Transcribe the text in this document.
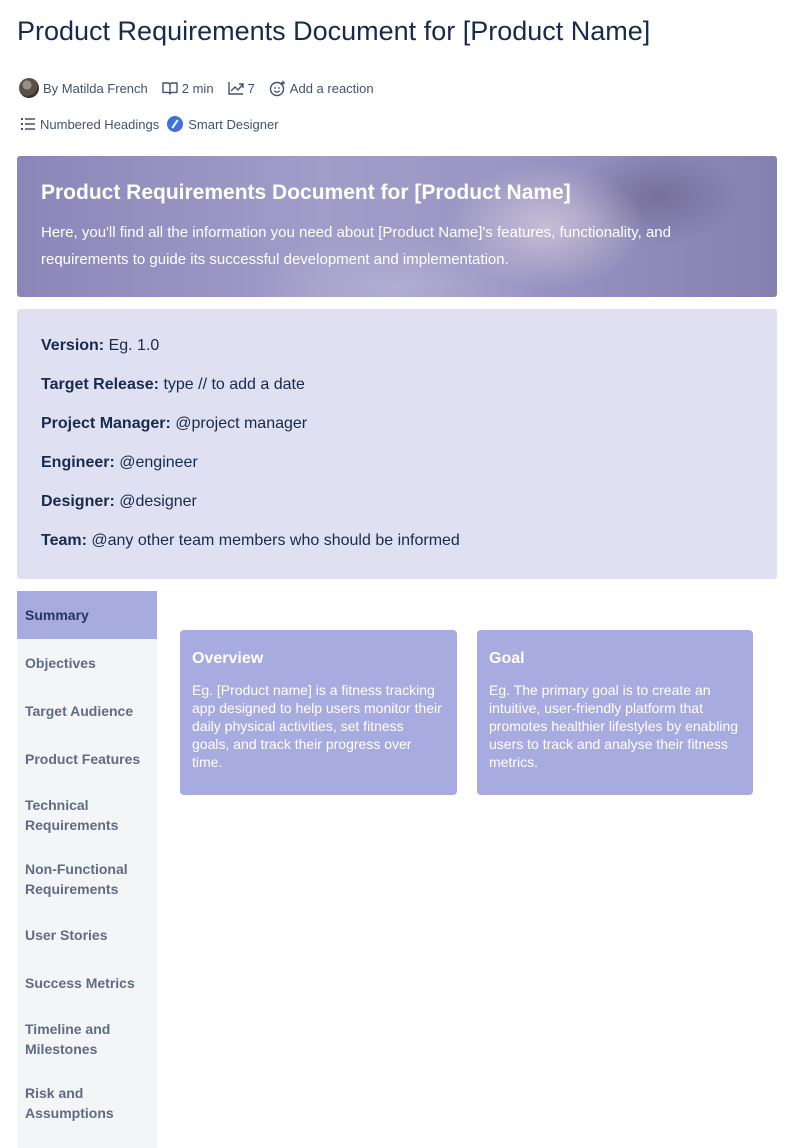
Product Requirements Document for [Product Name]
By Matilda French	2 min	7	Add a reaction
Numbered Headings Smart Designer
Product Requirements Document for [Product Name]
Here, you'll find all the information you need about [Product Name]'s features, functionality, and requirements to guide its successful development and implementation.
Version: Eg. 1.0
Target Release: type // to add a date
Project Manager: @project manager
Engineer: @engineer
Designer: @designer
Team: @any other team members who should be informed
Summary
Objectives
Target Audience
Product Features
Technical Requirements
Non-Functional Requirements
User Stories
Success Metrics
Timeline and Milestones
Risk and Assumptions
Overview
Eg. [Product name] is a fitness tracking app designed to help users monitor their daily physical activities, set fitness goals, and track their progress over time.
Goal
Eg. The primary goal is to create an intuitive, user-friendly platform that promotes healthier lifestyles by enabling users to track and analyse their fitness metrics.
